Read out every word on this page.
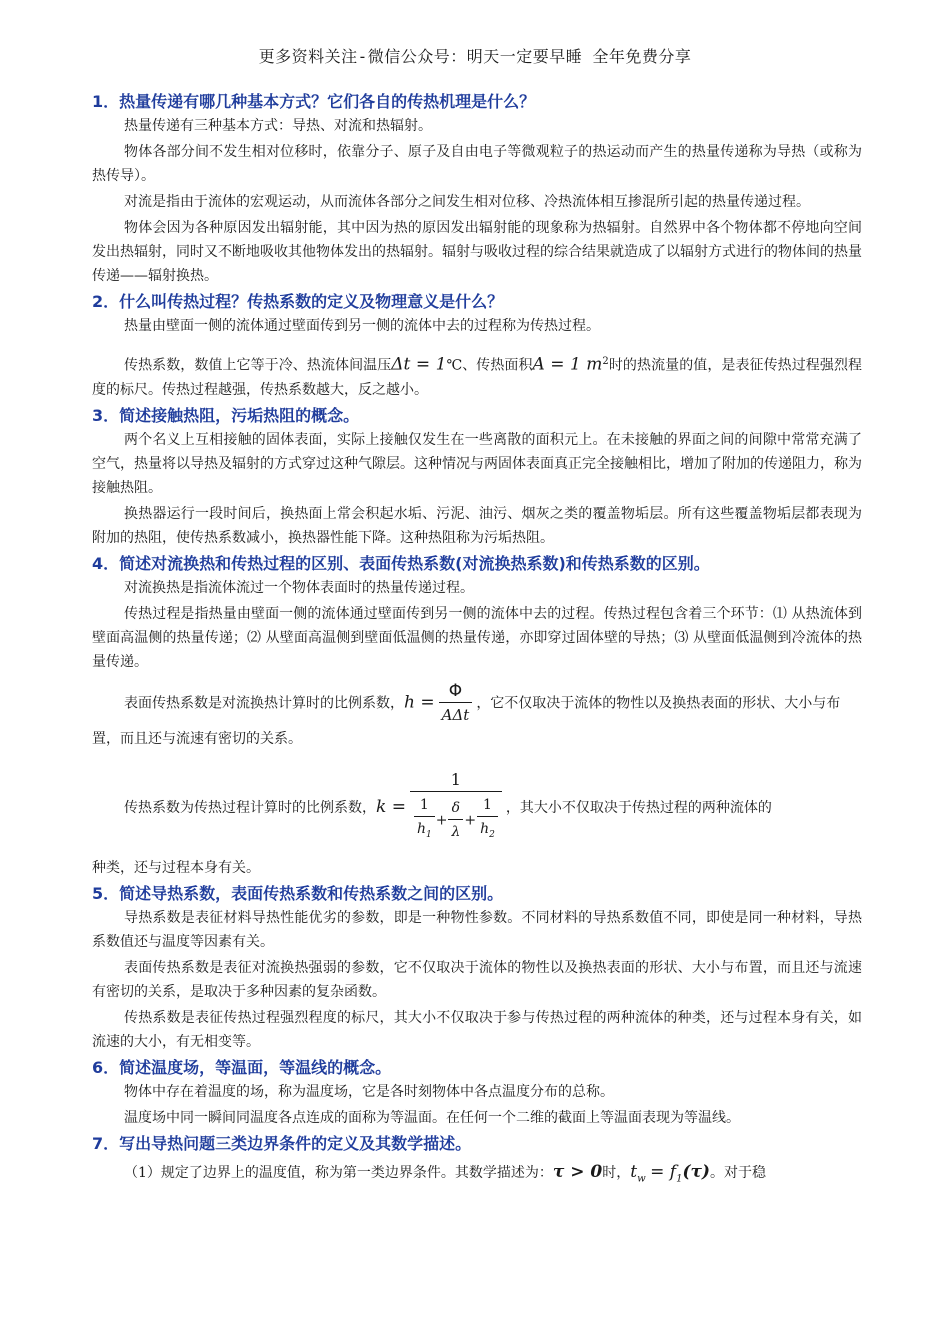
更多资料关注-微信公众号：明天一定要早睡 全年免费分享
1．热量传递有哪几种基本方式？它们各自的传热机理是什么？
热量传递有三种基本方式：导热、对流和热辐射。
物体各部分间不发生相对位移时，依靠分子、原子及自由电子等微观粒子的热运动而产生的热量传递称为导热（或称为热传导）。
对流是指由于流体的宏观运动，从而流体各部分之间发生相对位移、冷热流体相互掺混所引起的热量传递过程。
物体会因为各种原因发出辐射能，其中因为热的原因发出辐射能的现象称为热辐射。自然界中各个物体都不停地向空间发出热辐射，同时又不断地吸收其他物体发出的热辐射。辐射与吸收过程的综合结果就造成了以辐射方式进行的物体间的热量传递——辐射换热。
2．什么叫传热过程？传热系数的定义及物理意义是什么？
热量由壁面一侧的流体通过壁面传到另一侧的流体中去的过程称为传热过程。
传热系数，数值上它等于冷、热流体间温压Δt = 1℃、传热面积A = 1 $m^2$时的热流量的值，是表征传热过程强烈程度的标尺。传热过程越强，传热系数越大，反之越小。
3．简述接触热阻，污垢热阻的概念。
两个名义上互相接触的固体表面，实际上接触仅发生在一些离散的面积元上。在未接触的界面之间的间隙中常常充满了空气，热量将以导热及辐射的方式穿过这种气隙层。这种情况与两固体表面真正完全接触相比，增加了附加的传递阻力，称为接触热阻。
换热器运行一段时间后，换热面上常会积起水垢、污泥、油污、烟灰之类的覆盖物垢层。所有这些覆盖物垢层都表现为附加的热阻，使传热系数减小，换热器性能下降。这种热阻称为污垢热阻。
4．简述对流换热和传热过程的区别、表面传热系数(对流换热系数)和传热系数的区别。
对流换热是指流体流过一个物体表面时的热量传递过程。
传热过程是指热量由壁面一侧的流体通过壁面传到另一侧的流体中去的过程。传热过程包含着三个环节：⑴ 从热流体到壁面高温侧的热量传递；⑵ 从壁面高温侧到壁面低温侧的热量传递，亦即穿过固体壁的导热；⑶ 从壁面低温侧到冷流体的热量传递。
表面传热系数是对流换热计算时的比例系数，$h = \frac{\Phi}{\text{AΔt}}$ ，它不仅取决于流体的物性以及换热表面的形状、大小与布置，而且还与流速有密切的关系。
传热系数为传热过程计算时的比例系数，$k = \frac{1}{\frac{1}{h_1} + \frac{\delta}{\lambda} + \frac{1}{h_2}}$ ，其大小不仅取决于传热过程的两种流体的
种类，还与过程本身有关。
5．简述导热系数，表面传热系数和传热系数之间的区别。
导热系数是表征材料导热性能优劣的参数，即是一种物性参数。不同材料的导热系数值不同，即使是同一种材料，导热系数值还与温度等因素有关。
表面传热系数是表征对流换热强弱的参数，它不仅取决于流体的物性以及换热表面的形状、大小与布置，而且还与流速有密切的关系，是取决于多种因素的复杂函数。
传热系数是表征传热过程强烈程度的标尺，其大小不仅取决于参与传热过程的两种流体的种类，还与过程本身有关，如流速的大小，有无相变等。
6．简述温度场，等温面，等温线的概念。
物体中存在着温度的场，称为温度场，它是各时刻物体中各点温度分布的总称。
温度场中同一瞬间同温度各点连成的面称为等温面。在任何一个二维的截面上等温面表现为等温线。
7．写出导热问题三类边界条件的定义及其数学描述。
（1）规定了边界上的温度值，称为第一类边界条件。其数学描述为：τ > 0时，$t_w = f_1(\tau)$。对于稳
